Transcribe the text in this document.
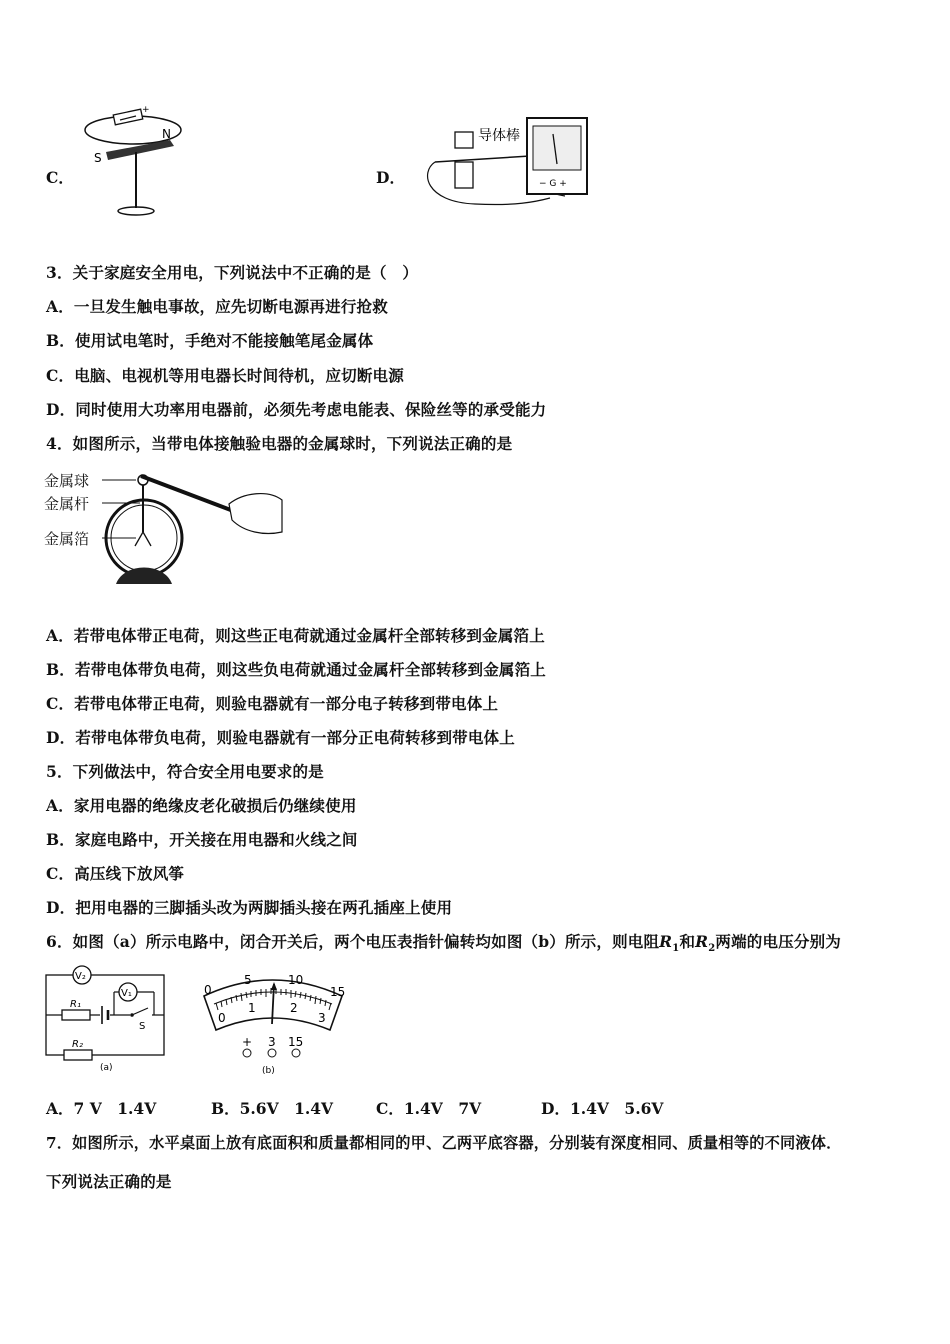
C．
+
S
N
D．
导体棒
− G +
3．关于家庭安全用电，下列说法中不正确的是（　）
A．一旦发生触电事故，应先切断电源再进行抢救
B．使用试电笔时，手绝对不能接触笔尾金属体
C．电脑、电视机等用电器长时间待机，应切断电源
D．同时使用大功率用电器前，必须先考虑电能表、保险丝等的承受能力
4．如图所示，当带电体接触验电器的金属球时，下列说法正确的是
金属球
金属杆
金属箔
A．若带电体带正电荷，则这些正电荷就通过金属杆全部转移到金属箔上
B．若带电体带负电荷，则这些负电荷就通过金属杆全部转移到金属箔上
C．若带电体带正电荷，则验电器就有一部分电子转移到带电体上
D．若带电体带负电荷，则验电器就有一部分正电荷转移到带电体上
5．下列做法中，符合安全用电要求的是
A．家用电器的绝缘皮老化破损后仍继续使用
B．家庭电路中，开关接在用电器和火线之间
C．高压线下放风筝
D．把用电器的三脚插头改为两脚插头接在两孔插座上使用
6．如图（a）所示电路中，闭合开关后，两个电压表指针偏转均如图（b）所示，则电阻$R_1$和$R_2$两端的电压分别为
V₂
R₁
V₁
S
R₂
(a)
0
5	10
15
0
1	2
3
+ 3 15
(b)
A．7 V　1.4V	B．5.6V　1.4V	C．1.4V　7V	D．1.4V　5.6V
7．如图所示，水平桌面上放有底面积和质量都相同的甲、乙两平底容器，分别装有深度相同、质量相等的不同液体．
下列说法正确的是
